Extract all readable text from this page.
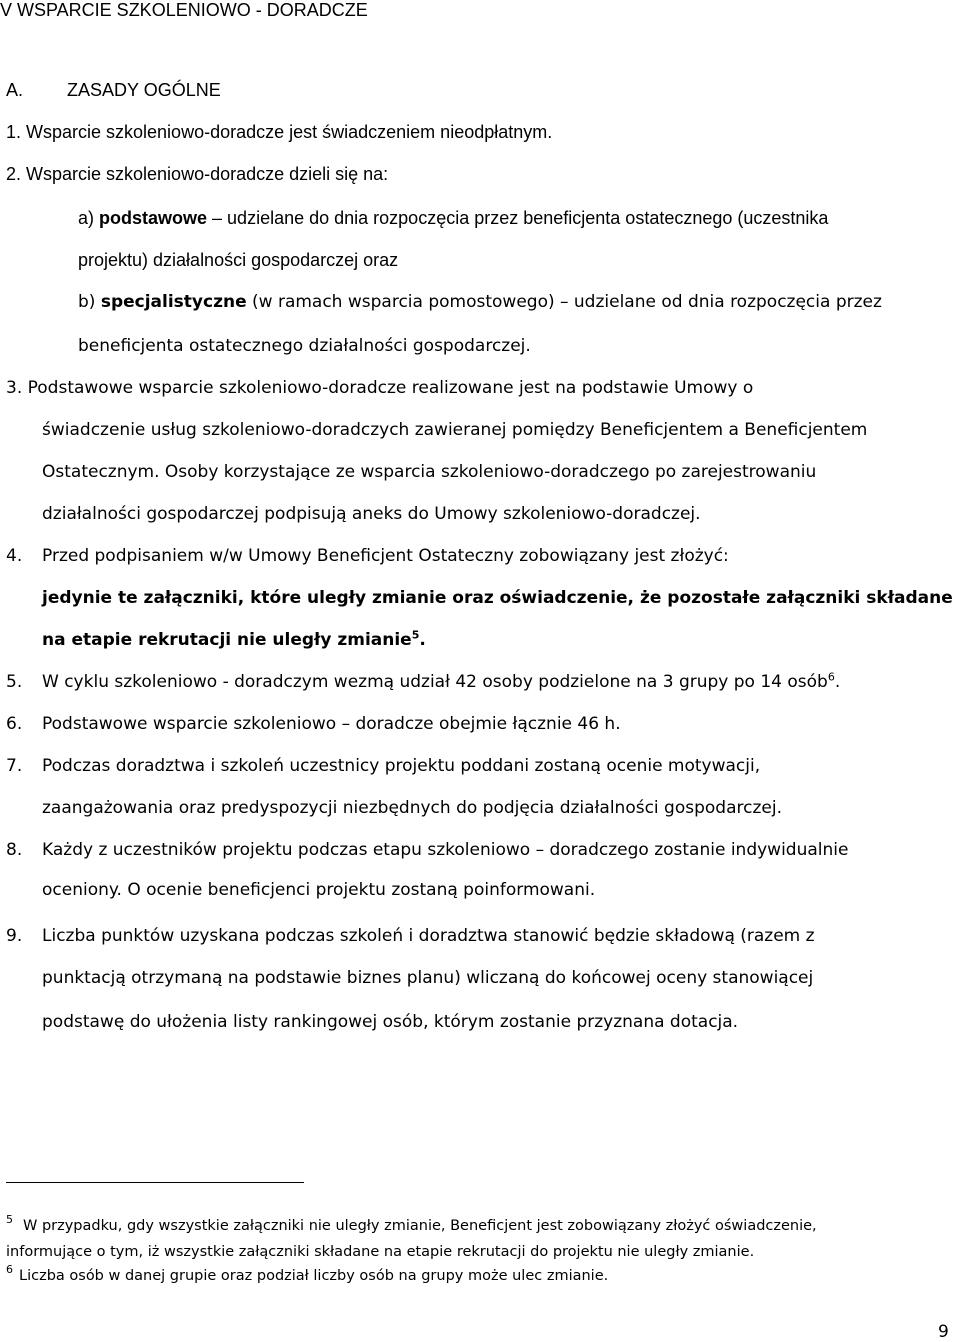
V WSPARCIE SZKOLENIOWO - DORADCZE
A. ZASADY OGÓLNE
1. Wsparcie szkoleniowo-doradcze jest świadczeniem nieodpłatnym.
2. Wsparcie szkoleniowo-doradcze dzieli się na:
a) podstawowe – udzielane do dnia rozpoczęcia przez beneficjenta ostatecznego (uczestnika
projektu) działalności gospodarczej oraz
b) specjalistyczne (w ramach wsparcia pomostowego) – udzielane od dnia rozpoczęcia przez
beneficjenta ostatecznego działalności gospodarczej.
3. Podstawowe wsparcie szkoleniowo-doradcze realizowane jest na podstawie Umowy o
świadczenie usług szkoleniowo-doradczych zawieranej pomiędzy Beneficjentem a Beneficjentem
Ostatecznym. Osoby korzystające ze wsparcia szkoleniowo-doradczego po zarejestrowaniu
działalności gospodarczej podpisują aneks do Umowy szkoleniowo-doradczej.
4. Przed podpisaniem w/w Umowy Beneficjent Ostateczny zobowiązany jest złożyć:
jedynie te załączniki, które uległy zmianie oraz oświadczenie, że pozostałe załączniki składane
na etapie rekrutacji nie uległy zmianie$^5$.
5. W cyklu szkoleniowo - doradczym wezmą udział 42 osoby podzielone na 3 grupy po 14 osób$^6$.
6. Podstawowe wsparcie szkoleniowo – doradcze obejmie łącznie 46 h.
7. Podczas doradztwa i szkoleń uczestnicy projektu poddani zostaną ocenie motywacji,
zaangażowania oraz predyspozycji niezbędnych do podjęcia działalności gospodarczej.
8. Każdy z uczestników projektu podczas etapu szkoleniowo – doradczego zostanie indywidualnie
oceniony. O ocenie beneficjenci projektu zostaną poinformowani.
9. Liczba punktów uzyskana podczas szkoleń i doradztwa stanowić będzie składową (razem z
punktacją otrzymaną na podstawie biznes planu) wliczaną do końcowej oceny stanowiącej
podstawę do ułożenia listy rankingowej osób, którym zostanie przyznana dotacja.
$^5$ W przypadku, gdy wszystkie załączniki nie uległy zmianie, Beneficjent jest zobowiązany złożyć oświadczenie,
informujące o tym, iż wszystkie załączniki składane na etapie rekrutacji do projektu nie uległy zmianie.
$^6$ Liczba osób w danej grupie oraz podział liczby osób na grupy może ulec zmianie.
9
